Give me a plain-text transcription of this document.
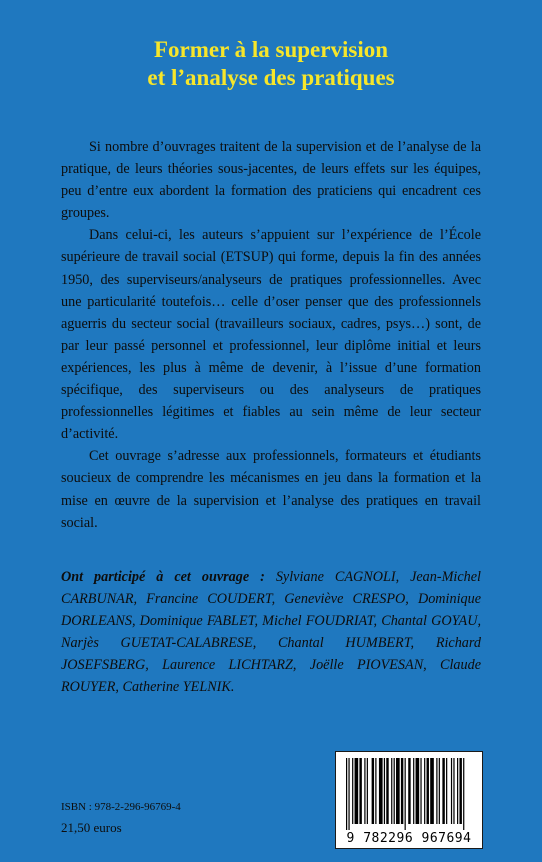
Former à la supervision
et l’analyse des pratiques

Si nombre d’ouvrages traitent de la supervision et de l’analyse de la pratique, de leurs théories sous-jacentes, de leurs effets sur les équipes, peu d’entre eux abordent la formation des praticiens qui encadrent ces groupes.

Dans celui-ci, les auteurs s’appuient sur l’expérience de l’École supérieure de travail social (ETSUP) qui forme, depuis la fin des années 1950, des superviseurs/analyseurs de pratiques professionnelles. Avec une particularité toutefois… celle d’oser penser que des professionnels aguerris du secteur social (travailleurs sociaux, cadres, psys…) sont, de par leur passé personnel et professionnel, leur diplôme initial et leurs expériences, les plus à même de devenir, à l’issue d’une formation spécifique, des superviseurs ou des analyseurs de pratiques professionnelles légitimes et fiables au sein même de leur secteur d’activité.

Cet ouvrage s’adresse aux professionnels, formateurs et étudiants soucieux de comprendre les mécanismes en jeu dans la formation et la mise en œuvre de la supervision et l’analyse des pratiques en travail social.

Ont participé à cet ouvrage : Sylviane CAGNOLI, Jean-Michel CARBUNAR, Francine COUDERT, Geneviève CRESPO, Dominique DORLEANS, Dominique FABLET, Michel FOUDRIAT, Chantal GOYAU, Narjès GUETAT-CALABRESE, Chantal HUMBERT, Richard JOSEFSBERG, Laurence LICHTARZ, Joëlle PIOVESAN, Claude ROUYER, Catherine YELNIK.
ISBN : 978-2-296-96769-4
21,50 euros
9 782296 967694
